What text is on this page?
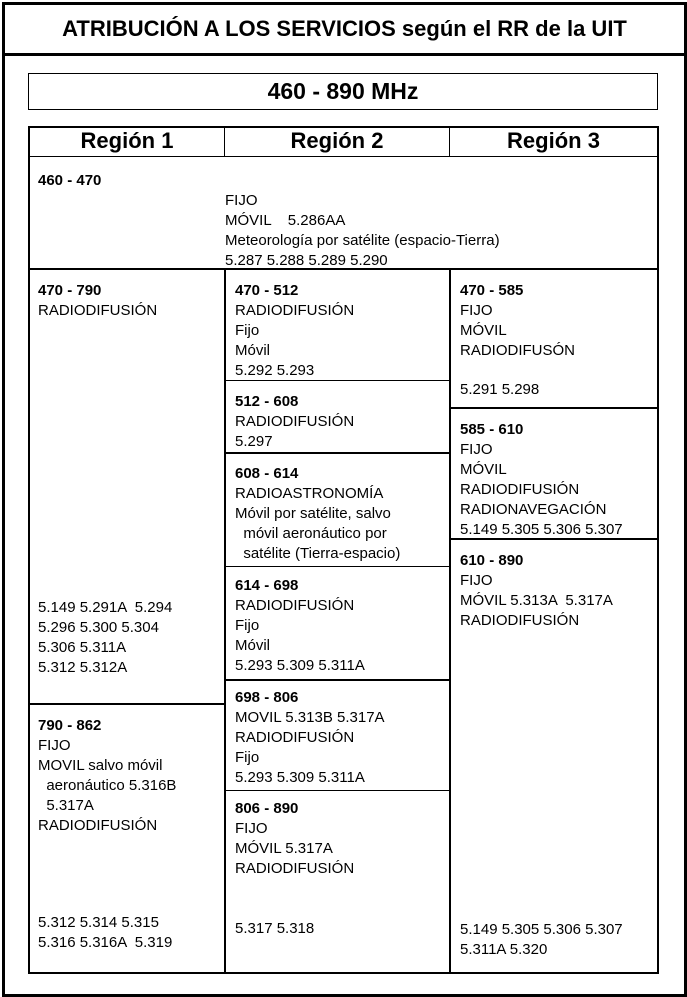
ATRIBUCIÓN A LOS SERVICIOS según el RR de la UIT
460 - 890 MHz
Región 1	Región 2	Región 3
460 - 470
FIJO
MÓVIL    5.286AA
Meteorología por satélite (espacio-Tierra)
5.287 5.288 5.289 5.290
470 - 790
RADIODIFUSIÓN
5.149 5.291A  5.294
5.296 5.300 5.304
5.306 5.311A
5.312 5.312A
790 - 862
FIJO
MOVIL salvo móvil
aeronáutico 5.316B
5.317A
RADIODIFUSIÓN
5.312 5.314 5.315
5.316 5.316A  5.319
470 - 512
RADIODIFUSIÓN
Fijo
Móvil
5.292 5.293
512 - 608
RADIODIFUSIÓN
5.297
608 - 614
RADIOASTRONOMÍA
Móvil por satélite, salvo
móvil aeronáutico por
satélite (Tierra-espacio)
614 - 698
RADIODIFUSIÓN
Fijo
Móvil
5.293 5.309 5.311A
698 - 806
MOVIL 5.313B 5.317A
RADIODIFUSIÓN
Fijo
5.293 5.309 5.311A
806 - 890
FIJO
MÓVIL 5.317A
RADIODIFUSIÓN
5.317 5.318
470 - 585
FIJO
MÓVIL
RADIODIFUSÓN
5.291 5.298
585 - 610
FIJO
MÓVIL
RADIODIFUSIÓN
RADIONAVEGACIÓN
5.149 5.305 5.306 5.307
610 - 890
FIJO
MÓVIL 5.313A  5.317A
RADIODIFUSIÓN
5.149 5.305 5.306 5.307
5.311A 5.320
